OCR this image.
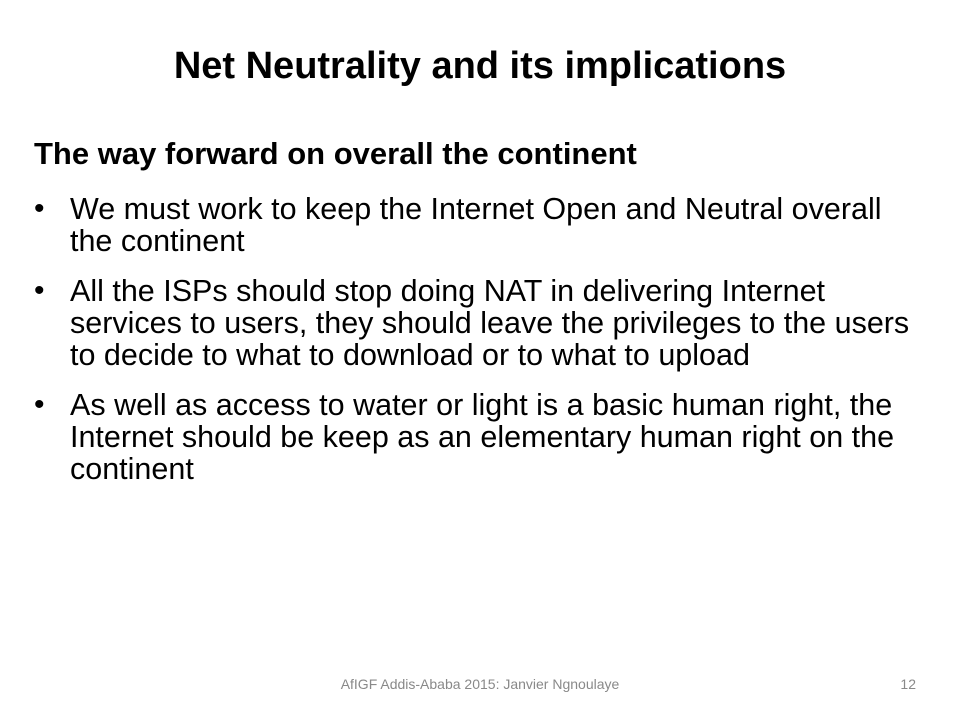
Net Neutrality and its implications
The way forward on overall the continent
• We must work to keep the Internet Open and Neutral overall the continent
• All the ISPs should stop doing NAT in delivering Internet services to users, they should leave the privileges to the users to decide to what to download or to what to upload
• As well as access to water or light is a basic human right, the Internet should be keep as an elementary human right on the continent
AfIGF Addis-Ababa 2015: Janvier Ngnoulaye	12
